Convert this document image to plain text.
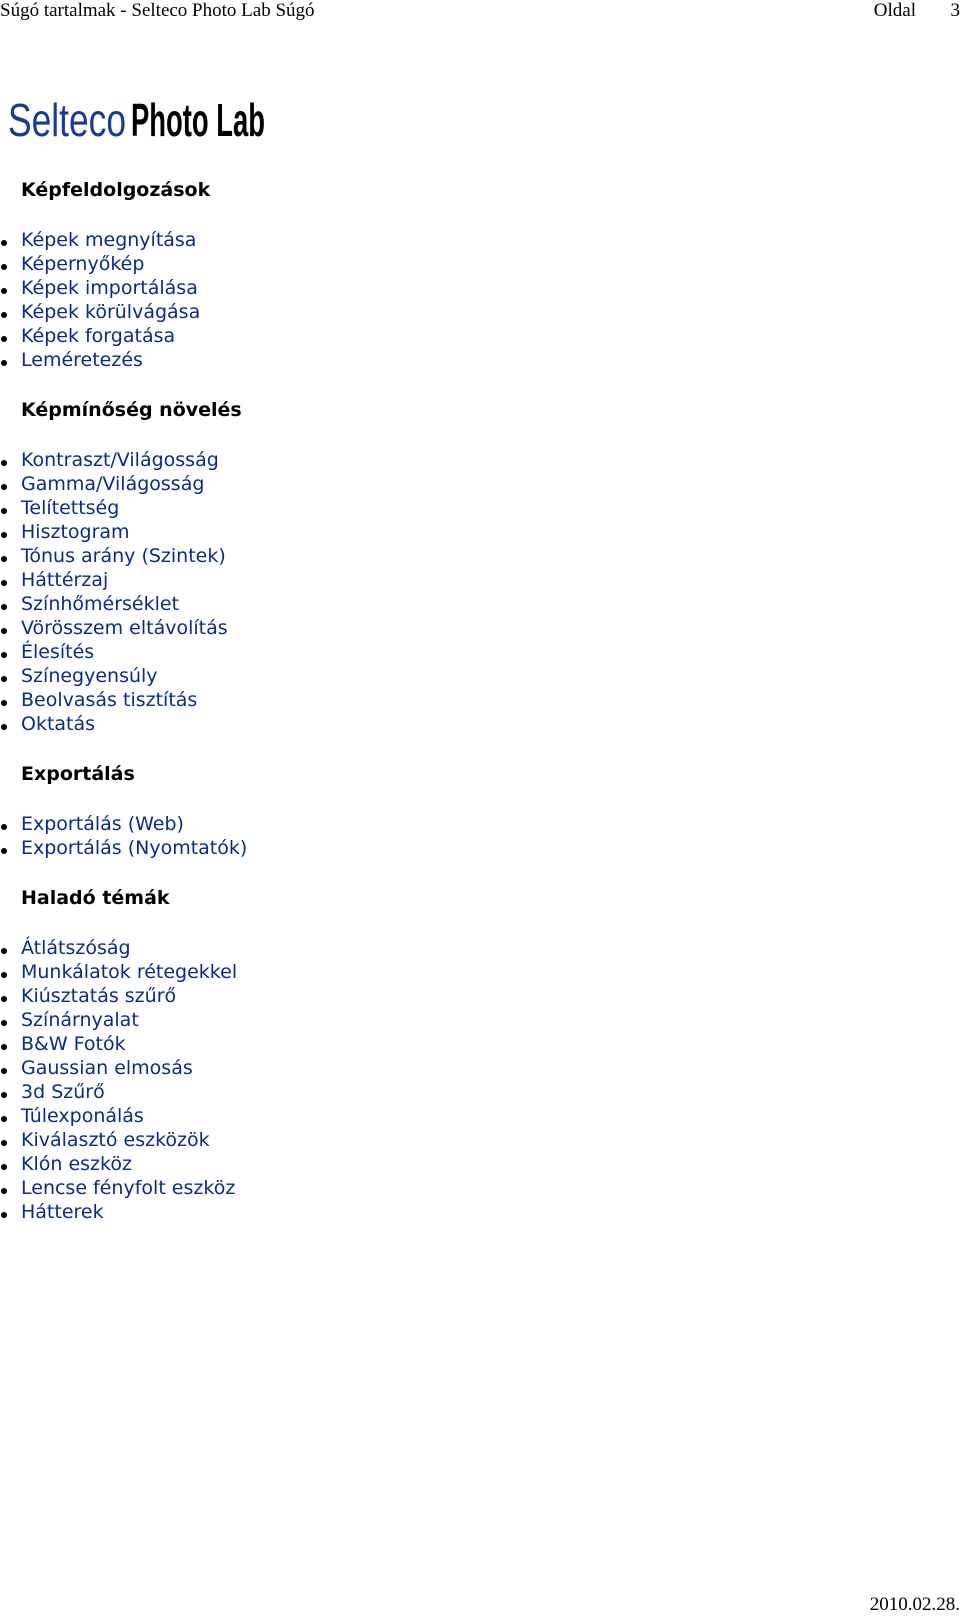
Súgó tartalmak - Selteco Photo Lab Súgó	Oldal 3
Selteco Photo Lab
Képfeldolgozások
Képek megnyítása
Képernyőkép
Képek importálása
Képek körülvágása
Képek forgatása
Leméretezés
Képmínőség növelés
Kontraszt/Világosság
Gamma/Világosság
Telítettség
Hisztogram
Tónus arány (Szintek)
Háttérzaj
Színhőmérséklet
Vörösszem eltávolítás
Élesítés
Színegyensúly
Beolvasás tisztítás
Oktatás
Exportálás
Exportálás (Web)
Exportálás (Nyomtatók)
Haladó témák
Átlátszóság
Munkálatok rétegekkel
Kiúsztatás szűrő
Színárnyalat
B&W Fotók
Gaussian elmosás
3d Szűrő
Túlexponálás
Kiválasztó eszközök
Klón eszköz
Lencse fényfolt eszköz
Hátterek
2010.02.28.
